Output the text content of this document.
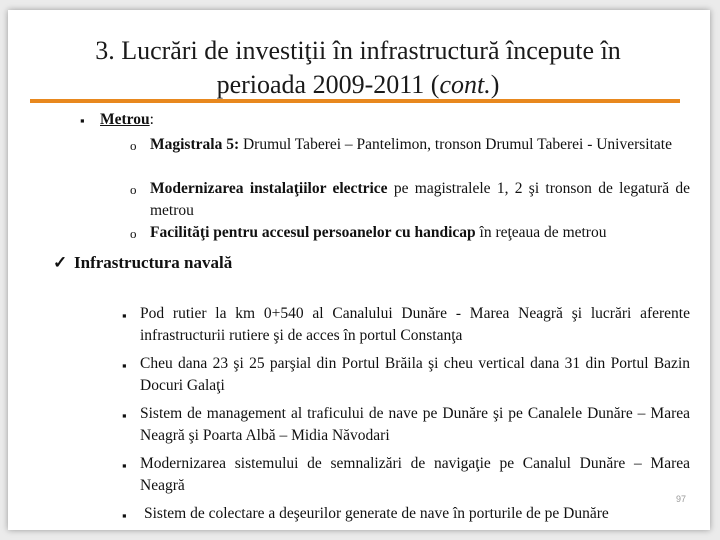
3. Lucrări de investiţii în infrastructură începute în
perioada 2009-2011 (cont.)
▪ Metrou:
o Magistrala 5: Drumul Taberei – Pantelimon, tronson Drumul Taberei - Universitate
o Modernizarea instalaţiilor electrice pe magistralele 1, 2 şi tronson de legatură de metrou
o Facilităţi pentru accesul persoanelor cu handicap în reţeaua de metrou
✓ Infrastructura navală
▪ Pod rutier la km 0+540 al Canalului Dunăre - Marea Neagră şi lucrări aferente infrastructurii rutiere şi de acces în portul Constanţa
▪ Cheu dana 23 şi 25 parşial din Portul Brăila şi cheu vertical dana 31 din Portul Bazin Docuri Galaţi
▪ Sistem de management al traficului de nave pe Dunăre şi pe Canalele Dunăre – Marea Neagră şi Poarta Albă – Midia Năvodari
▪ Modernizarea sistemului de semnalizări de navigaţie pe Canalul Dunăre – Marea Neagră
▪ Sistem de colectare a deşeurilor generate de nave în porturile de pe Dunăre
97
